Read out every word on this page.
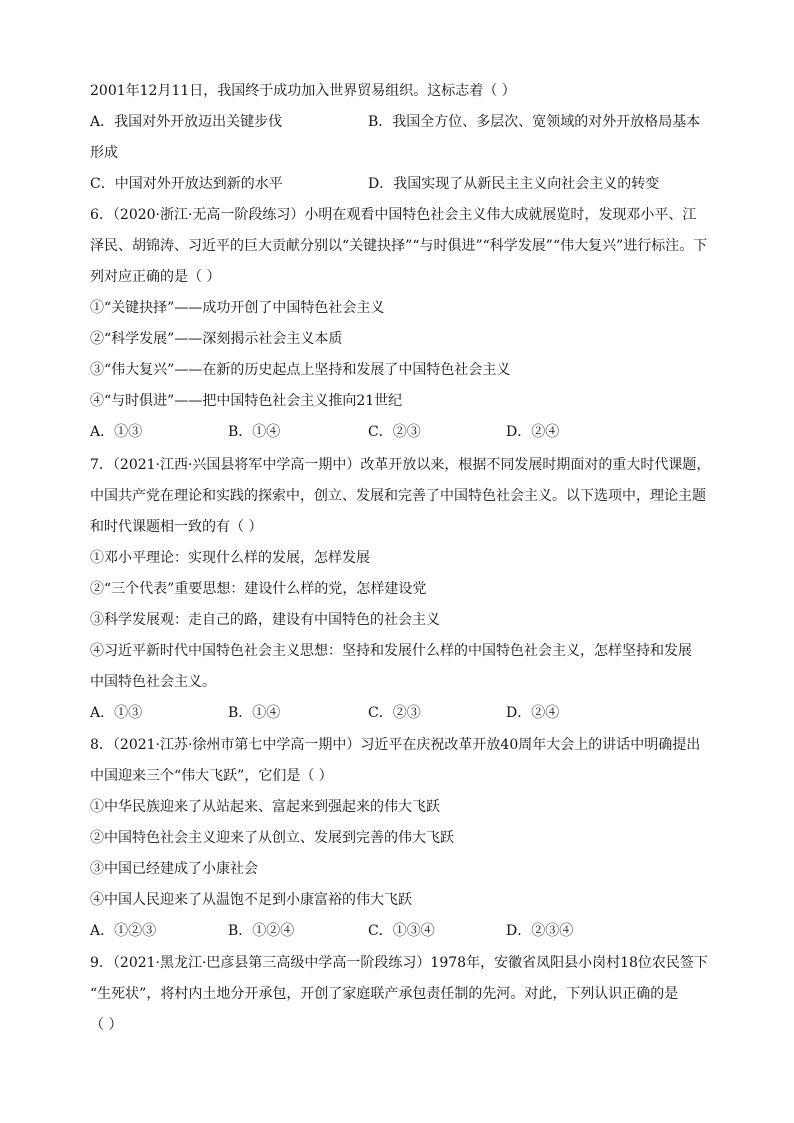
2001年12月11日，我国终于成功加入世界贸易组织。这标志着（ ）
A．我国对外开放迈出关键步伐	B．我国全方位、多层次、宽领域的对外开放格局基本
形成
C．中国对外开放达到新的水平	D．我国实现了从新民主主义向社会主义的转变
6．（2020·浙江·无高一阶段练习）小明在观看中国特色社会主义伟大成就展览时，发现邓小平、江
泽民、胡锦涛、习近平的巨大贡献分别以“关键抉择”“与时俱进”“科学发展”“伟大复兴”进行标注。下
列对应正确的是（ ）
①“关键抉择”——成功开创了中国特色社会主义
②“科学发展”——深刻揭示社会主义本质
③“伟大复兴”——在新的历史起点上坚持和发展了中国特色社会主义
④“与时俱进”——把中国特色社会主义推向21世纪
A．①③	B．①④	C．②③	D．②④
7．（2021·江西·兴国县将军中学高一期中）改革开放以来，根据不同发展时期面对的重大时代课题，
中国共产党在理论和实践的探索中，创立、发展和完善了中国特色社会主义。以下选项中，理论主题
和时代课题相一致的有（ ）
①邓小平理论：实现什么样的发展，怎样发展
②“三个代表”重要思想：建设什么样的党，怎样建设党
③科学发展观：走自己的路，建设有中国特色的社会主义
④习近平新时代中国特色社会主义思想：坚持和发展什么样的中国特色社会主义，怎样坚持和发展
中国特色社会主义。
A．①③	B．①④	C．②③	D．②④
8．（2021·江苏·徐州市第七中学高一期中）习近平在庆祝改革开放40周年大会上的讲话中明确提出
中国迎来三个“伟大飞跃”，它们是（ ）
①中华民族迎来了从站起来、富起来到强起来的伟大飞跃
②中国特色社会主义迎来了从创立、发展到完善的伟大飞跃
③中国已经建成了小康社会
④中国人民迎来了从温饱不足到小康富裕的伟大飞跃
A．①②③	B．①②④	C．①③④	D．②③④
9．（2021·黑龙江·巴彦县第三高级中学高一阶段练习）1978年，安徽省凤阳县小岗村18位农民签下
“生死状”，将村内土地分开承包，开创了家庭联产承包责任制的先河。对此，下列认识正确的是
（ ）
